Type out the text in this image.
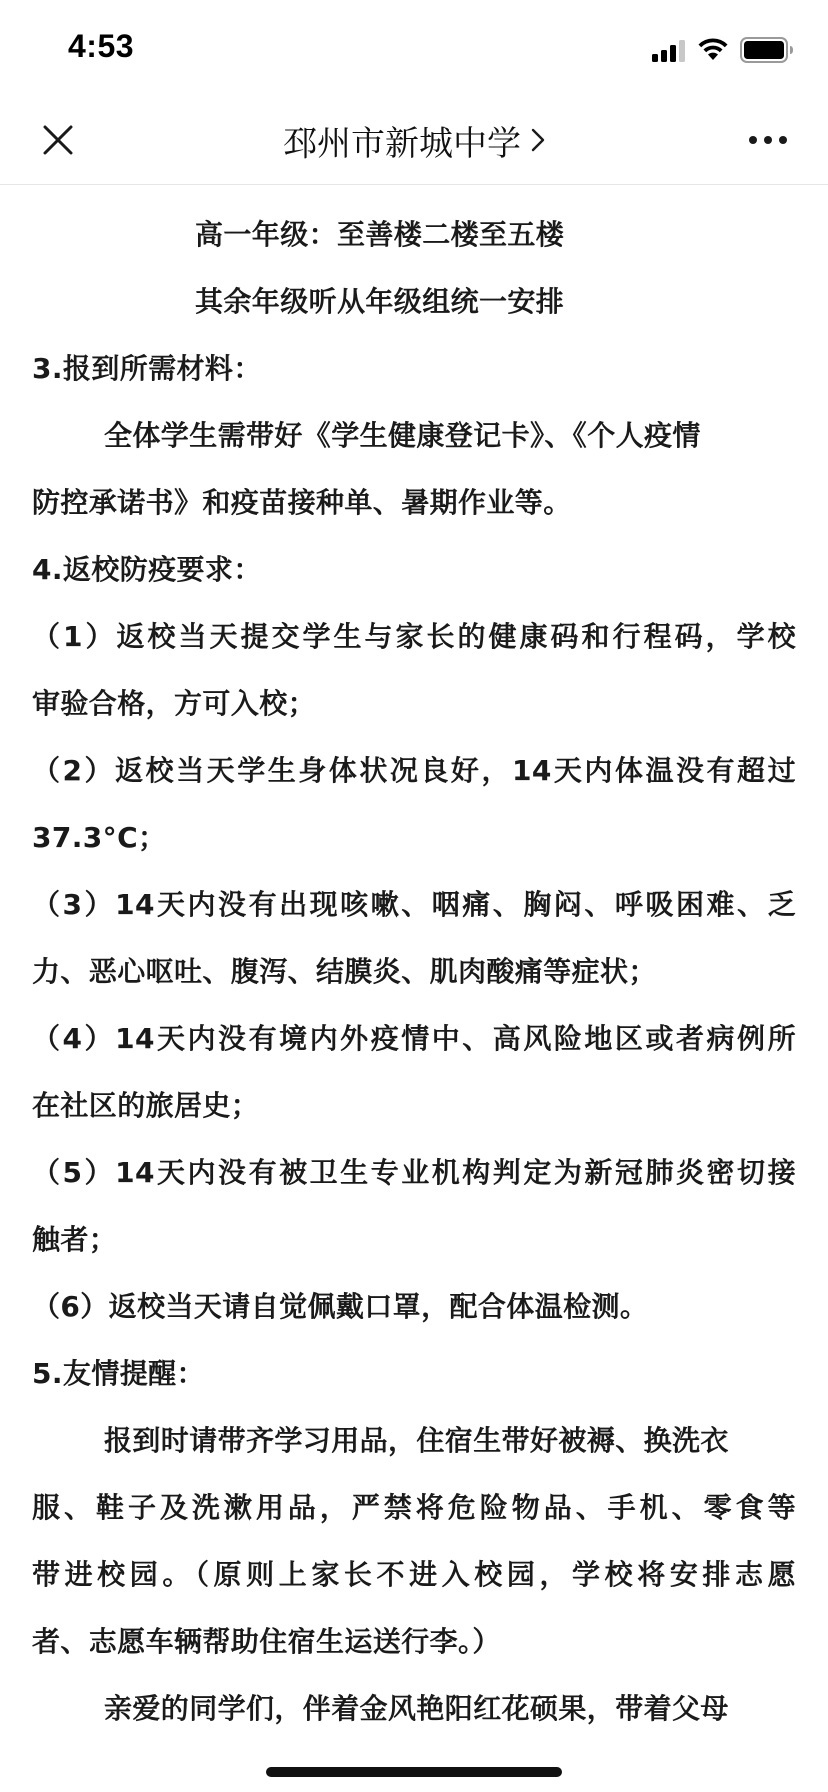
4:53
邳州市新城中学
高一年级：至善楼二楼至五楼
其余年级听从年级组统一安排
3.报到所需材料：
全体学生需带好《学生健康登记卡》、《个人疫情
防控承诺书》和疫苗接种单、暑期作业等。
4.返校防疫要求：
（1）返校当天提交学生与家长的健康码和行程码，学校
审验合格，方可入校；
（2）返校当天学生身体状况良好，14天内体温没有超过
37.3°C；
（3）14天内没有出现咳嗽、咽痛、胸闷、呼吸困难、乏
力、恶心呕吐、腹泻、结膜炎、肌肉酸痛等症状；
（4）14天内没有境内外疫情中、高风险地区或者病例所
在社区的旅居史；
（5）14天内没有被卫生专业机构判定为新冠肺炎密切接
触者；
（6）返校当天请自觉佩戴口罩，配合体温检测。
5.友情提醒：
报到时请带齐学习用品，住宿生带好被褥、换洗衣
服、鞋子及洗漱用品，严禁将危险物品、手机、零食等
带进校园。（原则上家长不进入校园，学校将安排志愿
者、志愿车辆帮助住宿生运送行李。）
亲爱的同学们，伴着金风艳阳红花硕果，带着父母
